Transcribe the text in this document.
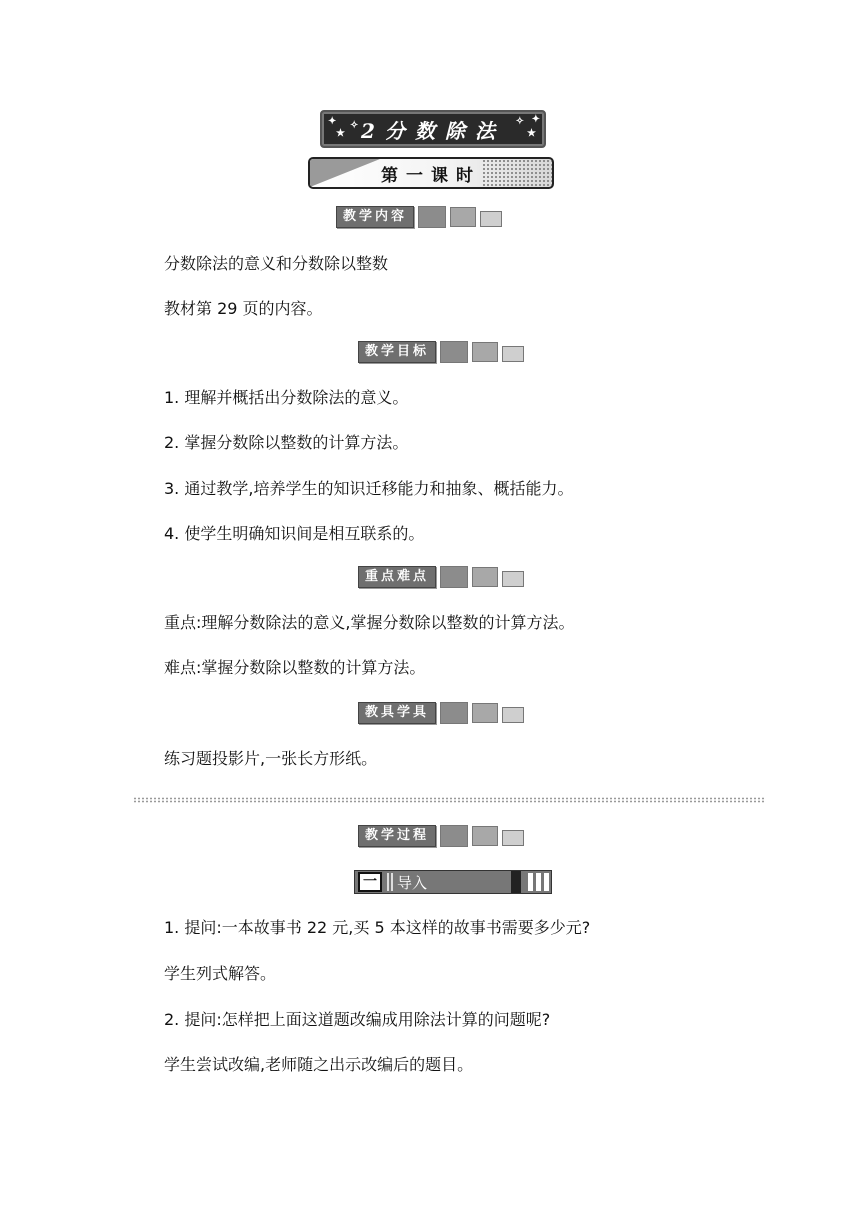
✦
★
✧ 2分数除法 ✧
★
✦
第一课时
教学内容
分数除法的意义和分数除以整数
教材第 29 页的内容。
教学目标
1. 理解并概括出分数除法的意义。
2. 掌握分数除以整数的计算方法。
3. 通过教学,培养学生的知识迁移能力和抽象、概括能力。
4. 使学生明确知识间是相互联系的。
重点难点
重点:理解分数除法的意义,掌握分数除以整数的计算方法。
难点:掌握分数除以整数的计算方法。
教具学具
练习题投影片,一张长方形纸。
教学过程
一	导入
1. 提问:一本故事书 22 元,买 5 本这样的故事书需要多少元?
学生列式解答。
2. 提问:怎样把上面这道题改编成用除法计算的问题呢?
学生尝试改编,老师随之出示改编后的题目。
